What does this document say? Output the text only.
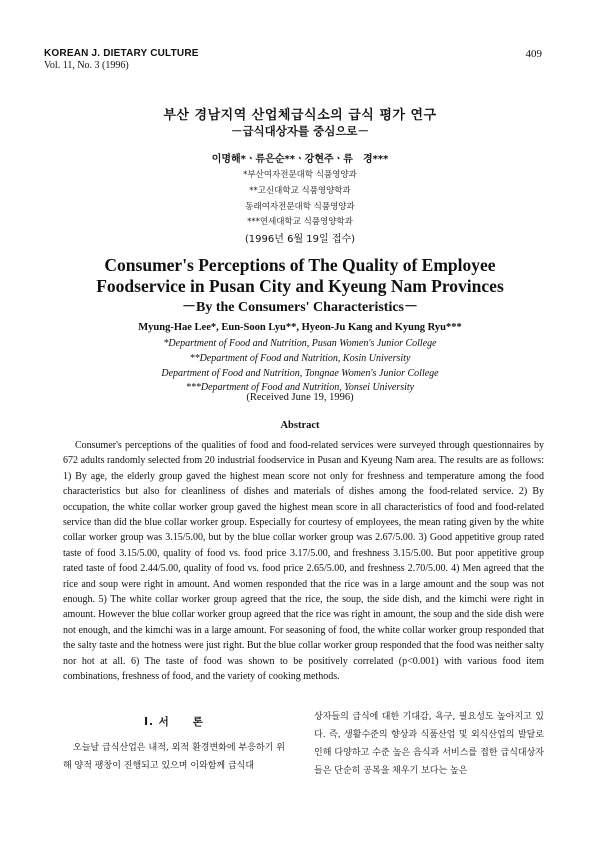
KOREAN J. DIETARY CULTURE
Vol. 11, No. 3 (1996)
409
부산 경남지역 산업체급식소의 급식 평가 연구
－급식대상자를 중심으로－
이명해*ㆍ류은순**ㆍ강현주ㆍ류　경***
*부산여자전문대학 식품영양과
**고신대학교 식품영양학과
동래여자전문대학 식품영양과
***연세대학교 식품영양학과
(1996년 6월 19일 접수)
Consumer's Perceptions of The Quality of Employee
Foodservice in Pusan City and Kyeung Nam Provinces
－By the Consumers' Characteristics－
Myung-Hae Lee*, Eun-Soon Lyu**, Hyeon-Ju Kang and Kyung Ryu***
*Department of Food and Nutrition, Pusan Women's Junior College
**Department of Food and Nutrition, Kosin University
Department of Food and Nutrition, Tongnae Women's Junior College
***Department of Food and Nutrition, Yonsei University
(Received June 19, 1996)
Abstract
Consumer's perceptions of the qualities of food and food-related services were surveyed through questionnaires by 672 adults randomly selected from 20 industrial foodservice in Pusan and Kyeung Nam area. The results are as follows: 1) By age, the elderly group gaved the highest mean score not only for freshness and temperature among the food characteristics but also for cleanliness of dishes and materials of dishes among the food-related service. 2) By occupation, the white collar worker group gaved the highest mean score in all characteristics of food and food-related service than did the blue collar worker group. Especially for courtesy of employees, the mean rating given by the white collar worker group was 3.15/5.00, but by the blue collar worker group was 2.67/5.00. 3) Good appetitive group rated taste of food 3.15/5.00, quality of food vs. food price 3.17/5.00, and freshness 3.15/5.00. But poor appetitive group rated taste of food 2.44/5.00, quality of food vs. food price 2.65/5.00, and freshness 2.70/5.00. 4) Men agreed that the rice and soup were right in amount. And women responded that the rice was in a large amount and the soup was not enough. 5) The white collar worker group agreed that the rice, the soup, the side dish, and the kimchi were right in amount. However the blue collar worker group agreed that the rice was right in amount, the soup and the side dish were not enough, and the kimchi was in a large amount. For seasoning of food, the white collar worker group responded that the salty taste and the hotness were just right. But the blue collar worker group responded that the food was neither salty nor hot at all. 6) The taste of food was shown to be positively correlated (p<0.001) with various food item combinations, freshness of food, and the variety of cooking methods.
I. 서　　론
오늘날 급식산업은 내적, 외적 환경변화에 부응하기 위해 양적 팽창이 진행되고 있으며 이와함께 급식대
상자들의 급식에 대한 기대감, 욕구, 필요성도 높아지고 있다. 즉, 생활수준의 향상과 식품산업 및 외식산업의 발달로 인해 다양하고 수준 높은 음식과 서비스를 접한 급식대상자들은 단순히 공복을 채우기 보다는 높은
